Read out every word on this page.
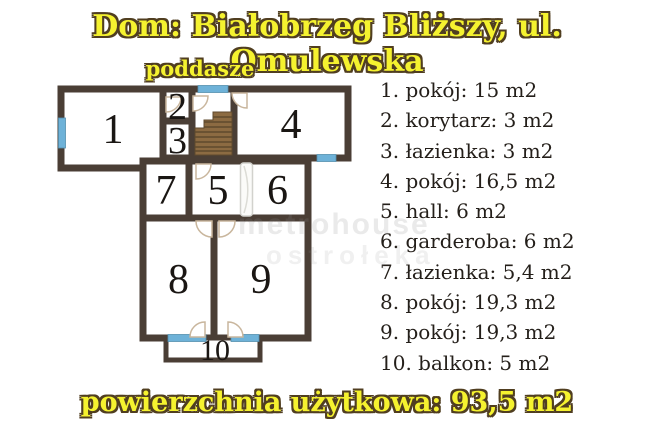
Dom: Białobrzeg Bliższy, ul. Omulewska
poddasze
1 2
3 4
5 6
7
8 9
10
metrohouse
ostrołęka
1. pokój: 15 m2
2. korytarz: 3 m2
3. łazienka: 3 m2
4. pokój: 16,5 m2
5. hall: 6 m2
6. garderoba: 6 m2
7. łazienka: 5,4 m2
8. pokój: 19,3 m2
9. pokój: 19,3 m2
10. balkon: 5 m2
powierzchnia użytkowa: 93,5 m2
